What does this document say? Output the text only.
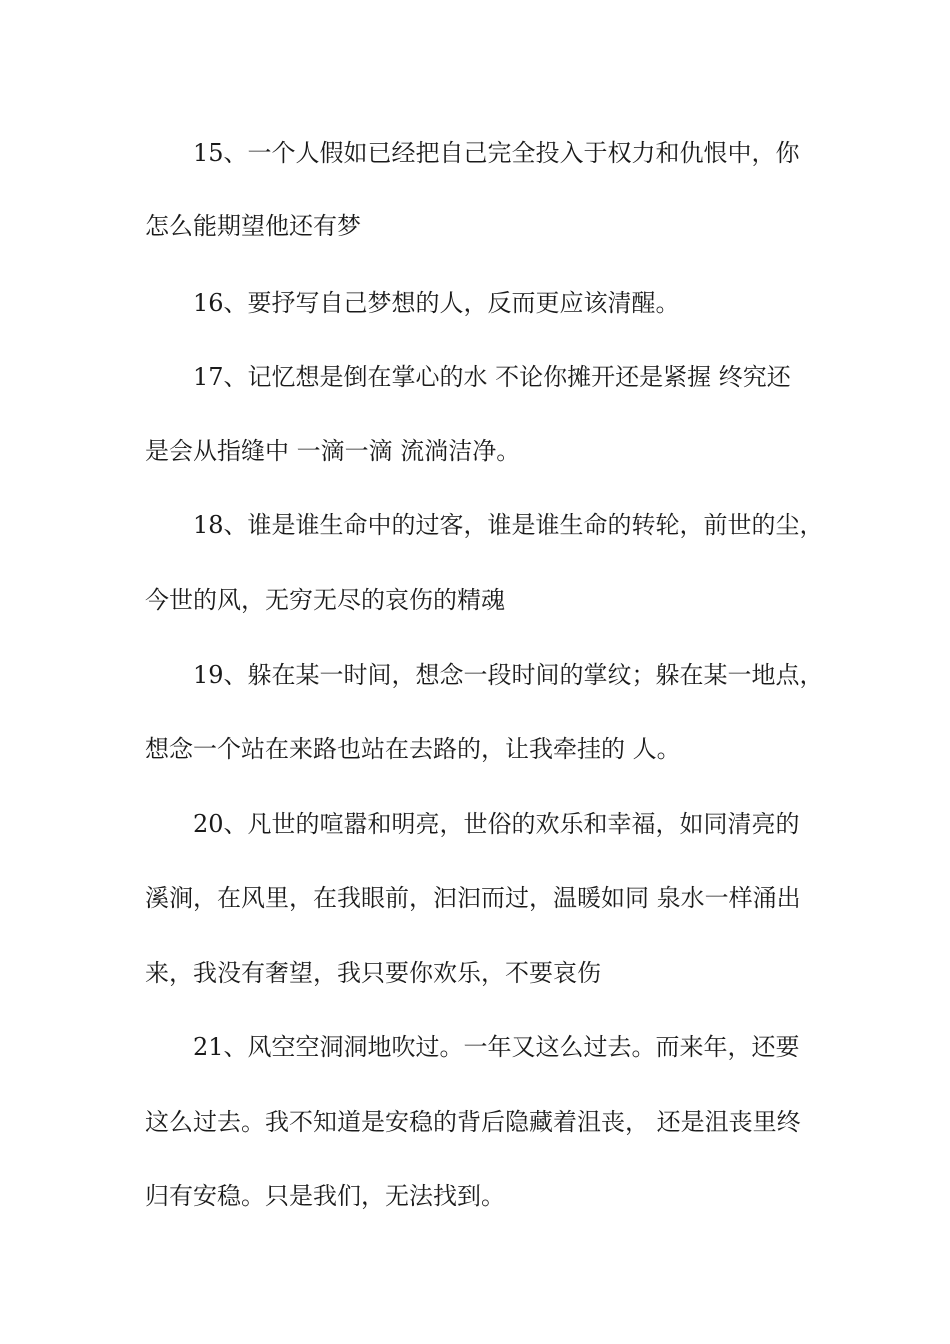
15、一个人假如已经把自己完全投入于权力和仇恨中，你
怎么能期望他还有梦
16、要抒写自己梦想的人，反而更应该清醒。
17、记忆想是倒在掌心的水 不论你摊开还是紧握 终究还
是会从指缝中 一滴一滴 流淌洁净。
18、谁是谁生命中的过客，谁是谁生命的转轮，前世的尘，
今世的风，无穷无尽的哀伤的精魂
19、躲在某一时间，想念一段时间的掌纹；躲在某一地点，
想念一个站在来路也站在去路的，让我牵挂的 人。
20、凡世的喧嚣和明亮，世俗的欢乐和幸福，如同清亮的
溪涧，在风里，在我眼前，汩汩而过，温暖如同 泉水一样涌出
来，我没有奢望，我只要你欢乐，不要哀伤
21、风空空洞洞地吹过。一年又这么过去。而来年，还要
这么过去。我不知道是安稳的背后隐藏着沮丧， 还是沮丧里终
归有安稳。只是我们，无法找到。
